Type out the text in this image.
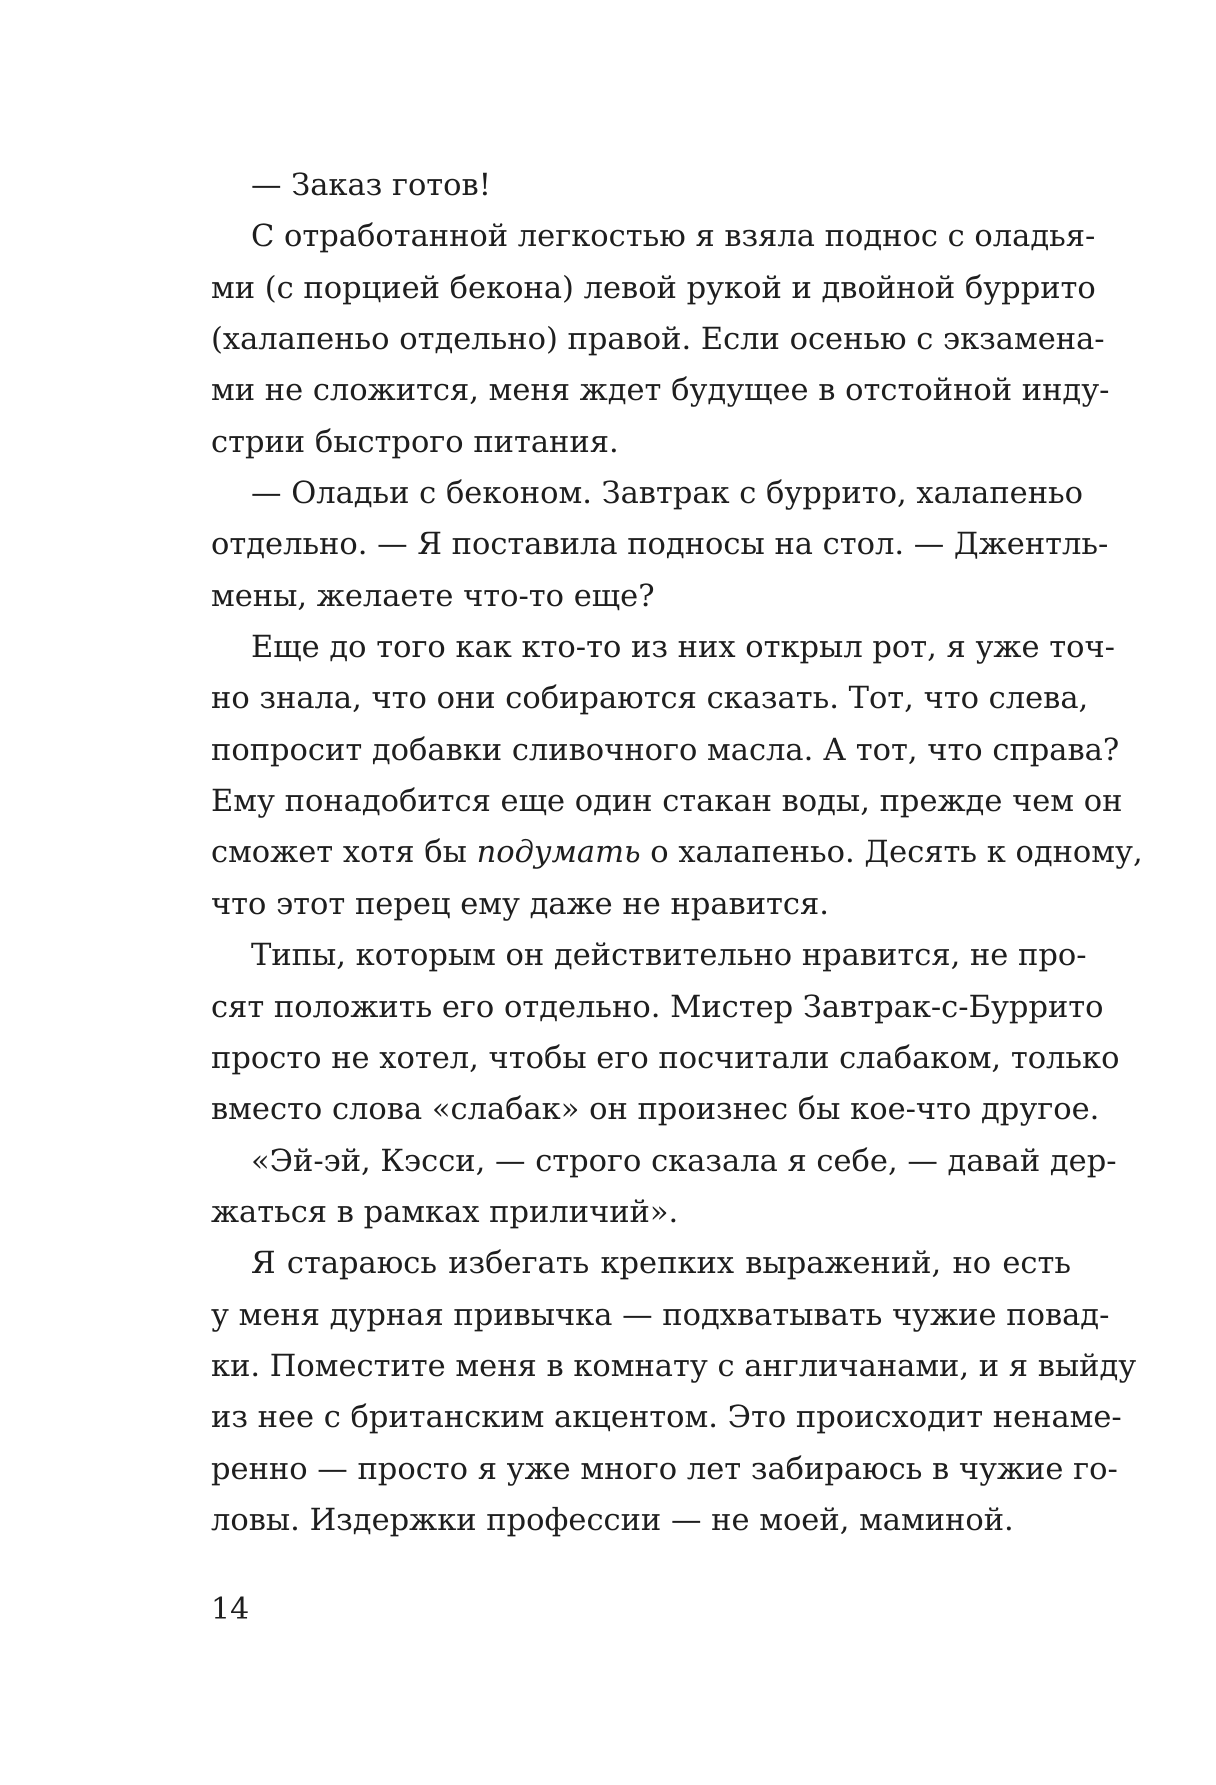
— Заказ готов!
С отработанной легкостью я взяла поднос с оладья-
ми (с порцией бекона) левой рукой и двойной буррито
(халапеньо отдельно) правой. Если осенью с экзамена-
ми не сложится, меня ждет будущее в отстойной инду-
стрии быстрого питания.
— Оладьи с беконом. Завтрак с буррито, халапеньо
отдельно. — Я поставила подносы на стол. — Джентль-
мены, желаете что-то еще?
Еще до того как кто-то из них открыл рот, я уже точ-
но знала, что они собираются сказать. Тот, что слева,
попросит добавки сливочного масла. А тот, что справа?
Ему понадобится еще один стакан воды, прежде чем он
сможет хотя бы подумать о халапеньо. Десять к одному,
что этот перец ему даже не нравится.
Типы, которым он действительно нравится, не про-
сят положить его отдельно. Мистер Завтрак-с-Буррито
просто не хотел, чтобы его посчитали слабаком, только
вместо слова «слабак» он произнес бы кое-что другое.
«Эй-эй, Кэсси, — строго сказала я себе, — давай дер-
жаться в рамках приличий».
Я стараюсь избегать крепких выражений, но есть
у меня дурная привычка — подхватывать чужие повад-
ки. Поместите меня в комнату с англичанами, и я выйду
из нее с британским акцентом. Это происходит ненаме-
ренно — просто я уже много лет забираюсь в чужие го-
ловы. Издержки профессии — не моей, маминой.
14
